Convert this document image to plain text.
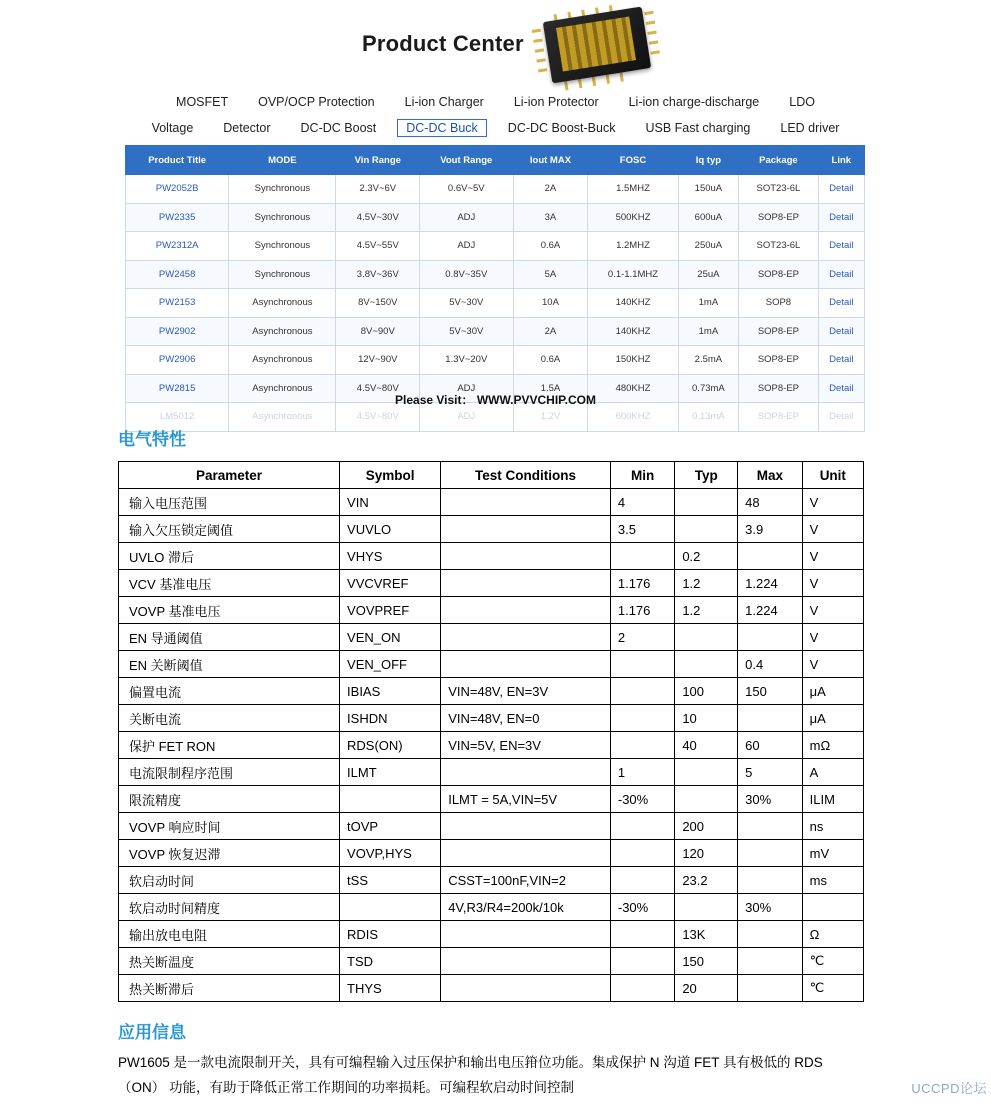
Product Center
MOSFET OVP/OCP Protection Li-ion Charger Li-ion Protector Li-ion charge-discharge LDO
Voltage Detector DC-DC Boost DC-DC Buck DC-DC Boost-Buck USB Fast charging LED driver
Product Title	MODE	Vin Range	Vout Range	Iout MAX	FOSC	Iq typ	Package	Link
PW2052B	Synchronous	2.3V~6V	0.6V~5V	2A	1.5MHZ	150uA	SOT23-6L	Detail
PW2335	Synchronous	4.5V~30V	ADJ	3A	500KHZ	600uA	SOP8-EP	Detail
PW2312A	Synchronous	4.5V~55V	ADJ	0.6A	1.2MHZ	250uA	SOT23-6L	Detail
PW2458	Synchronous	3.8V~36V	0.8V~35V	5A	0.1-1.1MHZ	25uA	SOP8-EP	Detail
PW2153	Asynchronous	8V~150V	5V~30V	10A	140KHZ	1mA	SOP8	Detail
PW2902	Asynchronous	8V~90V	5V~30V	2A	140KHZ	1mA	SOP8-EP	Detail
PW2906	Asynchronous	12V~90V	1.3V~20V	0.6A	150KHZ	2.5mA	SOP8-EP	Detail
PW2815	Asynchronous	4.5V~80V	ADJ	1.5A	480KHZ	0.73mA	SOP8-EP	Detail
LM5012	Asynchronous	4.5V~80V	ADJ	1.2V	600KHZ	0.13mA	SOP8-EP	Detail
Please Visit： WWW.PVVCHIP.COM
电气特性
Parameter	Symbol	Test Conditions	Min	Typ	Max	Unit
输入电压范围	VIN		4		48	V
输入欠压锁定阈值	VUVLO		3.5		3.9	V
UVLO 滞后	VHYS			0.2		V
VCV 基准电压	VVCVREF		1.176	1.2	1.224	V
VOVP 基准电压	VOVPREF		1.176	1.2	1.224	V
EN 导通阈值	VEN_ON		2			V
EN 关断阈值	VEN_OFF				0.4	V
偏置电流	IBIAS	VIN=48V, EN=3V		100	150	μA
关断电流	ISHDN	VIN=48V, EN=0		10		μA
保护 FET RON	RDS(ON)	VIN=5V, EN=3V		40	60	mΩ
电流限制程序范围	ILMT		1		5	A
限流精度		ILMT = 5A,VIN=5V	-30%		30%	ILIM
VOVP 响应时间	tOVP			200		ns
VOVP 恢复迟滞	VOVP,HYS			120		mV
软启动时间	tSS	CSST=100nF,VIN=2		23.2		ms
软启动时间精度		4V,R3/R4=200k/10k	-30%		30%	
输出放电电阻	RDIS			13K		Ω
热关断温度	TSD			150		℃
热关断滞后	THYS			20		℃
应用信息
PW1605 是一款电流限制开关，具有可编程输入过压保护和输出电压箝位功能。集成保护 N 沟道 FET 具有极低的 RDS（ON） 功能，有助于降低正常工作期间的功率损耗。可编程软启动时间控制	UCCPD论坛
